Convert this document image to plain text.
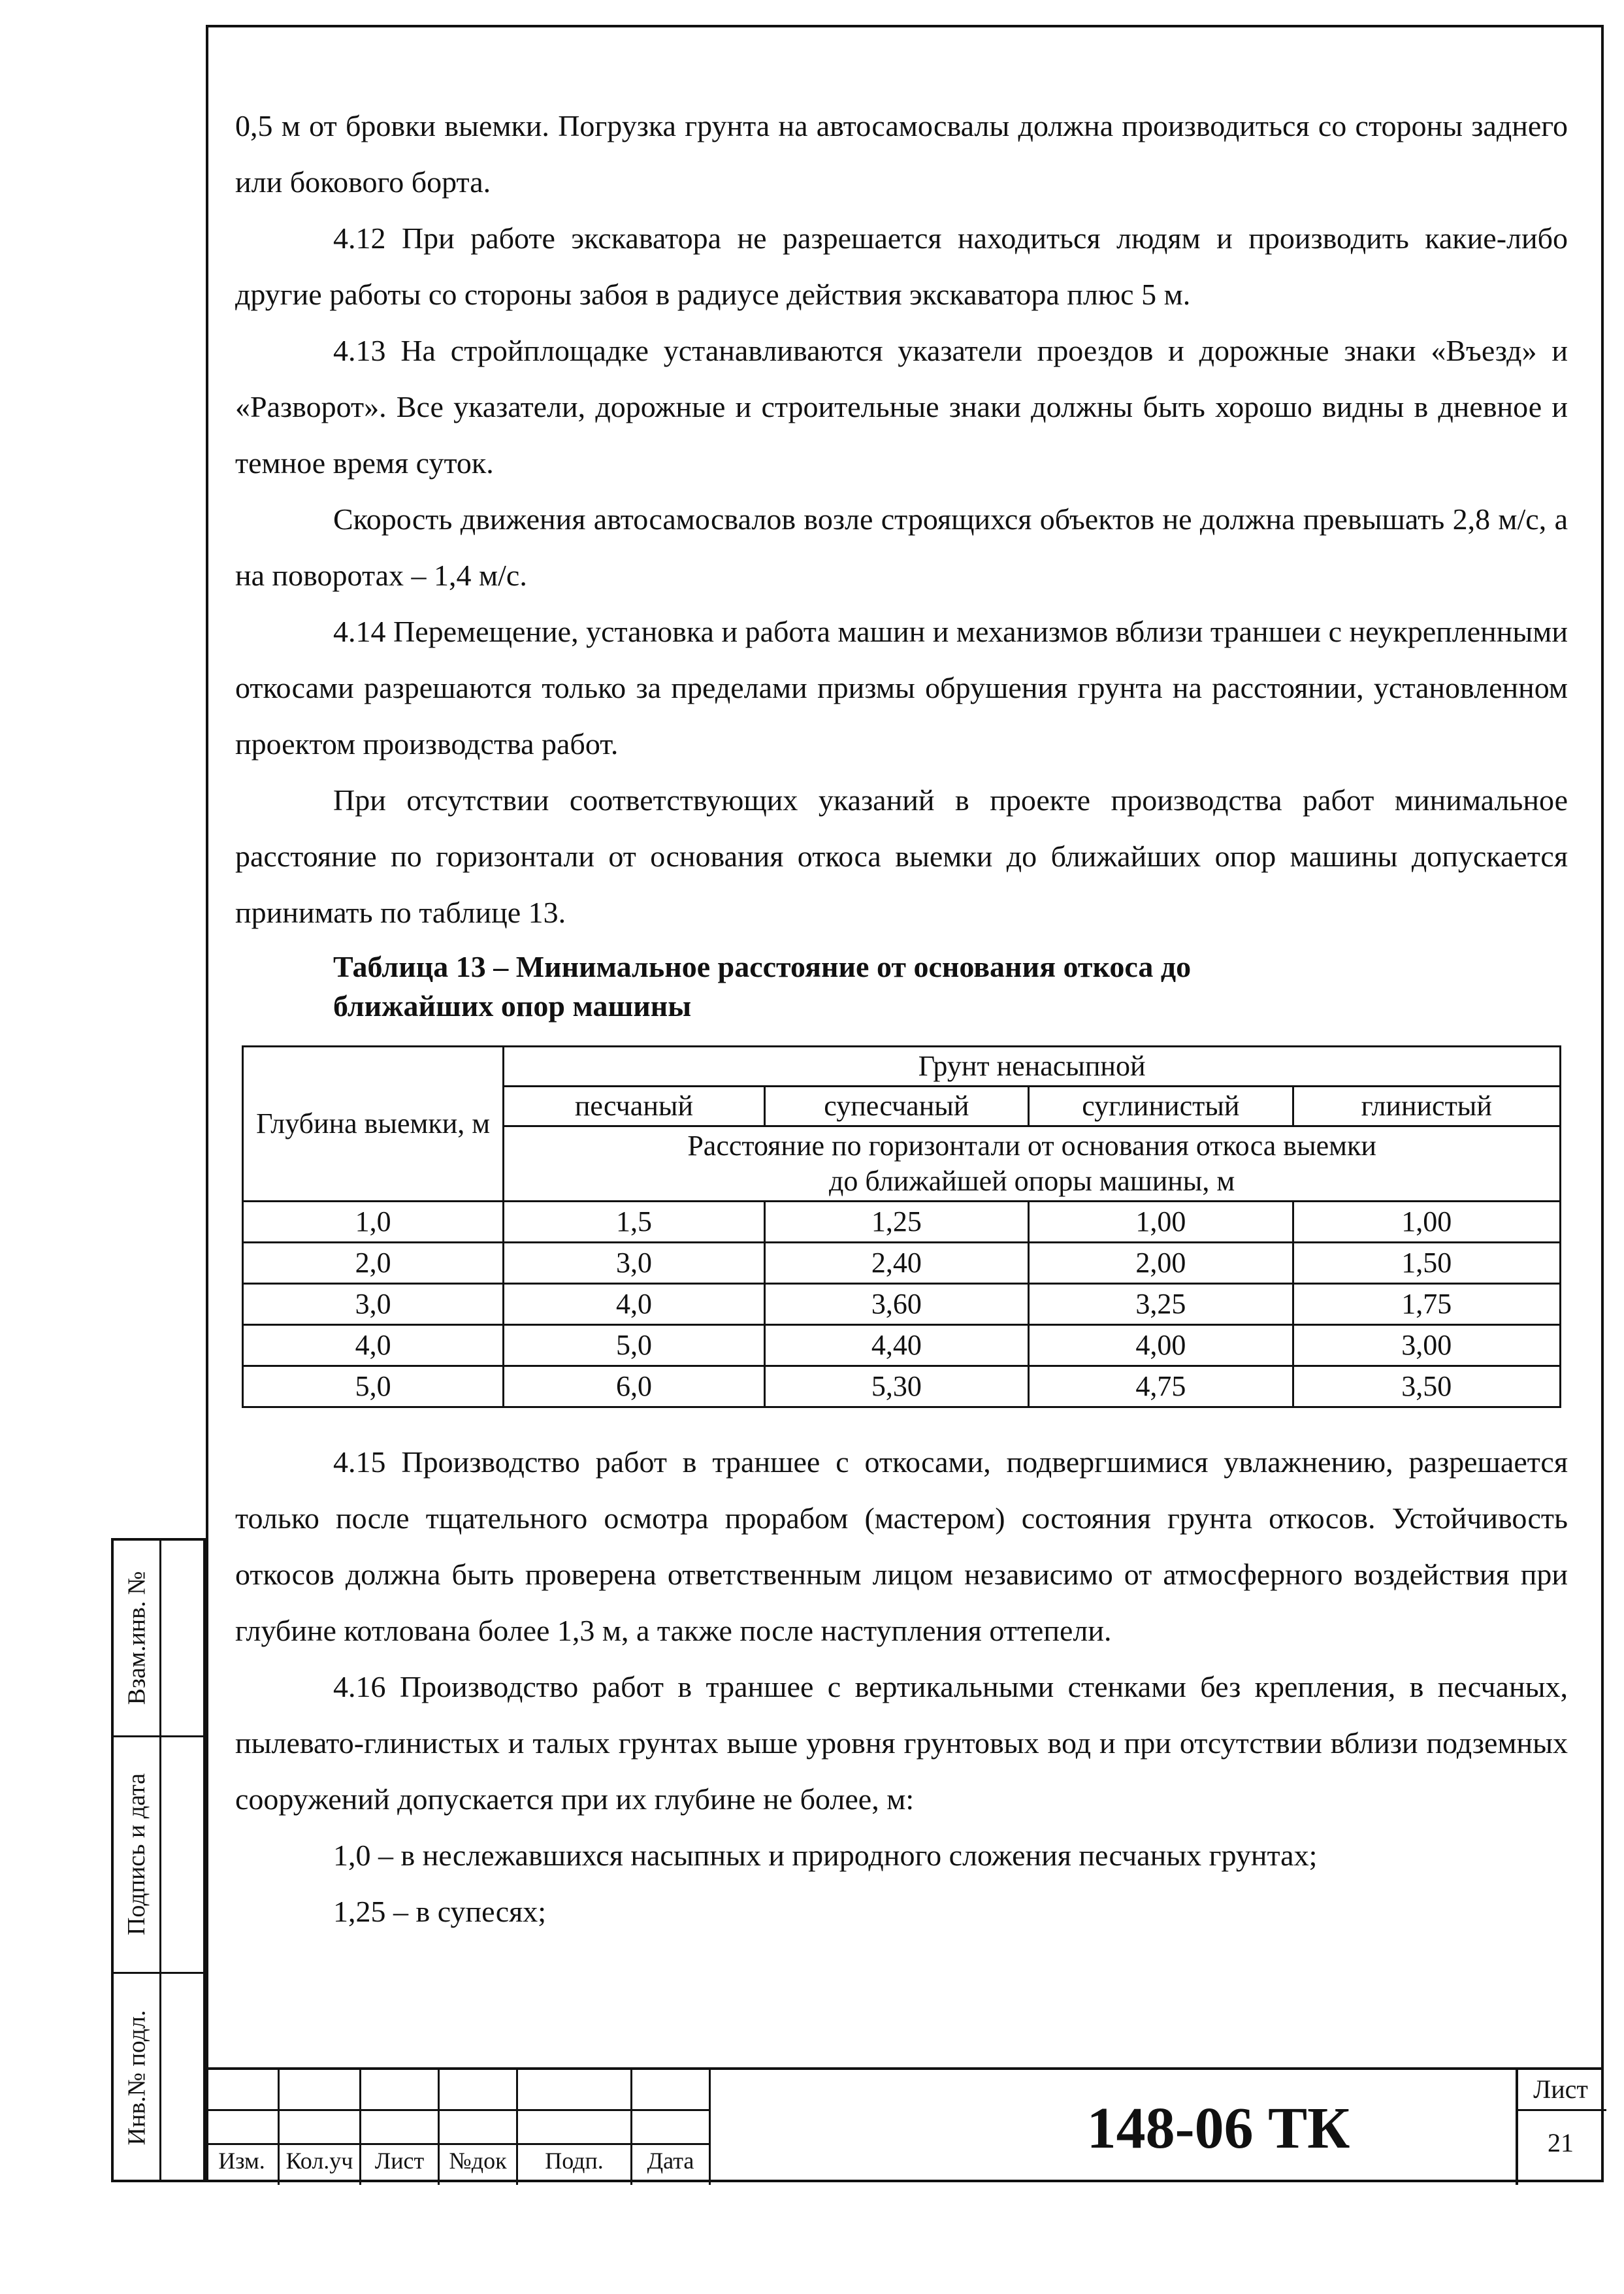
Взам.инв. №
Подпись и дата
Инв.№ подл.

0,5 м от бровки выемки. Погрузка грунта на автосамосвалы должна производиться со стороны заднего или бокового борта.

4.12 При работе экскаватора не разрешается находиться людям и производить какие-либо другие работы со стороны забоя в радиусе действия экскаватора плюс 5 м.

4.13 На стройплощадке устанавливаются указатели проездов и дорожные знаки «Въезд» и «Разворот». Все указатели, дорожные и строительные знаки должны быть хорошо видны в дневное и темное время суток.

Скорость движения автосамосвалов возле строящихся объектов не должна превышать 2,8 м/с, а на поворотах – 1,4 м/с.

4.14 Перемещение, установка и работа машин и механизмов вблизи траншеи с неукрепленными откосами разрешаются только за пределами призмы обрушения грунта на расстоянии, установленном проектом производства работ.

При отсутствии соответствующих указаний в проекте производства работ минимальное расстояние по горизонтали от основания откоса выемки до ближайших опор машины допускается принимать по таблице 13.

Таблица 13 – Минимальное расстояние от основания откоса до
ближайших опор машины
Глубина выемки, м	Грунт ненасыпной			
	песчаный	супесчаный	суглинистый	глинистый

	Расстояние по горизонтали от основания откоса выемки
до ближайшей опоры машины, м			

1,0	1,5	1,25	1,00	1,00
2,0	3,0	2,40	2,00	1,50
3,0	4,0	3,60	3,25	1,75
4,0	5,0	4,40	4,00	3,00
5,0	6,0	5,30	4,75	3,50

4.15 Производство работ в траншее с откосами, подвергшимися увлажнению, разрешается только после тщательного осмотра прорабом (мастером) состояния грунта откосов. Устойчивость откосов должна быть проверена ответственным лицом независимо от атмосферного воздействия при глубине котлована более 1,3 м, а также после наступления оттепели.

4.16 Производство работ в траншее с вертикальными стенками без крепления, в песчаных, пылевато-глинистых и талых грунтах выше уровня грунтовых вод и при отсутствии вблизи подземных сооружений допускается при их глубине не более, м:

1,0 – в неслежавшихся насыпных и природного сложения песчаных грунтах;

1,25 – в супесях;

Изм. Кол.уч Лист	№док	Подп.	Дата	148-06 ТК
Лист
21
